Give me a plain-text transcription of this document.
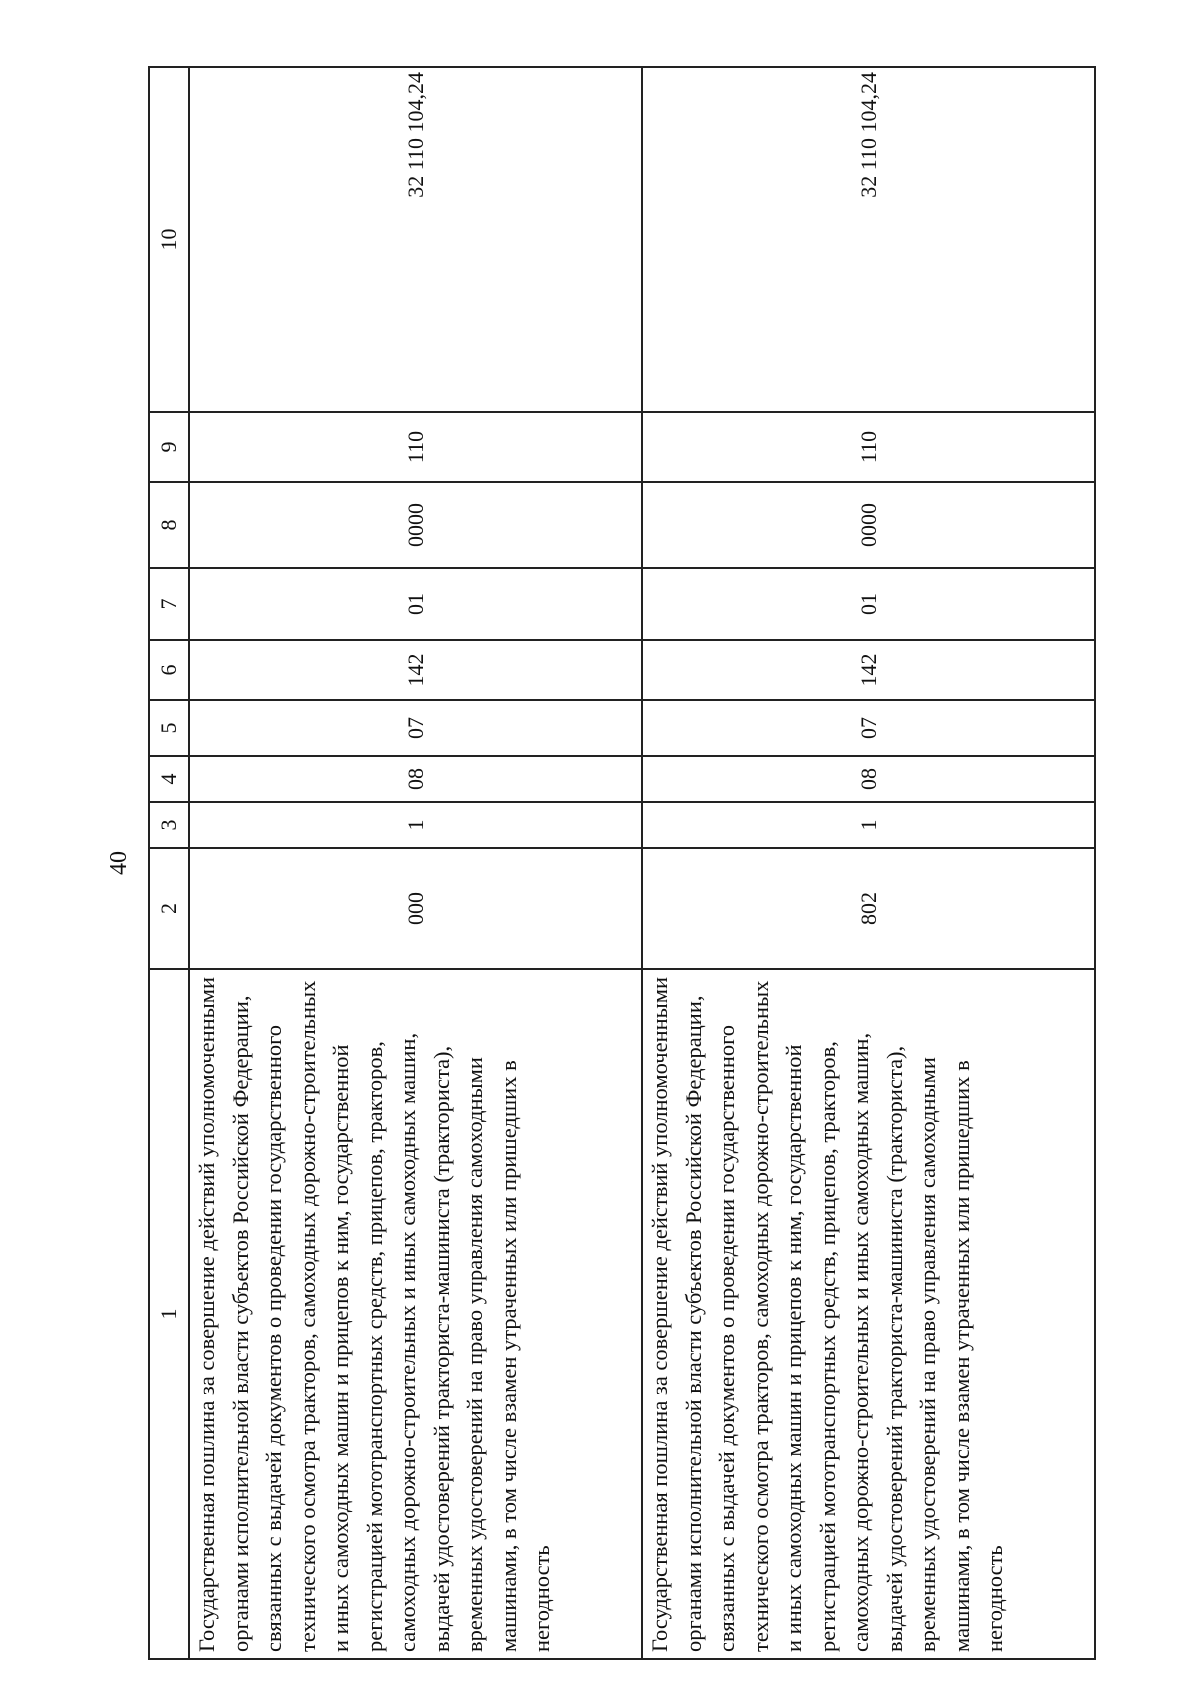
40
1	2	3	4	5	6	7	8	9	10
Государственная пошлина за совершение действий уполномоченными органами исполнительной власти субъектов Российской Федерации, связанных с выдачей документов о проведении государственного технического осмотра тракторов, самоходных дорожно-строительных и иных самоходных машин и прицепов к ним, государственной регистрацией мототранспортных средств, прицепов, тракторов, самоходных дорожно-строительных и иных самоходных машин, выдачей удостоверений тракториста-машиниста (тракториста), временных удостоверений на право управления самоходными машинами, в том числе взамен утраченных или пришедших в негодность	000	1	08	07	142	01	0000	110	32 110 104,24
Государственная пошлина за совершение действий уполномоченными органами исполнительной власти субъектов Российской Федерации, связанных с выдачей документов о проведении государственного технического осмотра тракторов, самоходных дорожно-строительных и иных самоходных машин и прицепов к ним, государственной регистрацией мототранспортных средств, прицепов, тракторов, самоходных дорожно-строительных и иных самоходных машин, выдачей удостоверений тракториста-машиниста (тракториста), временных удостоверений на право управления самоходными машинами, в том числе взамен утраченных или пришедших в негодность	802	1	08	07	142	01	0000	110	32 110 104,24
